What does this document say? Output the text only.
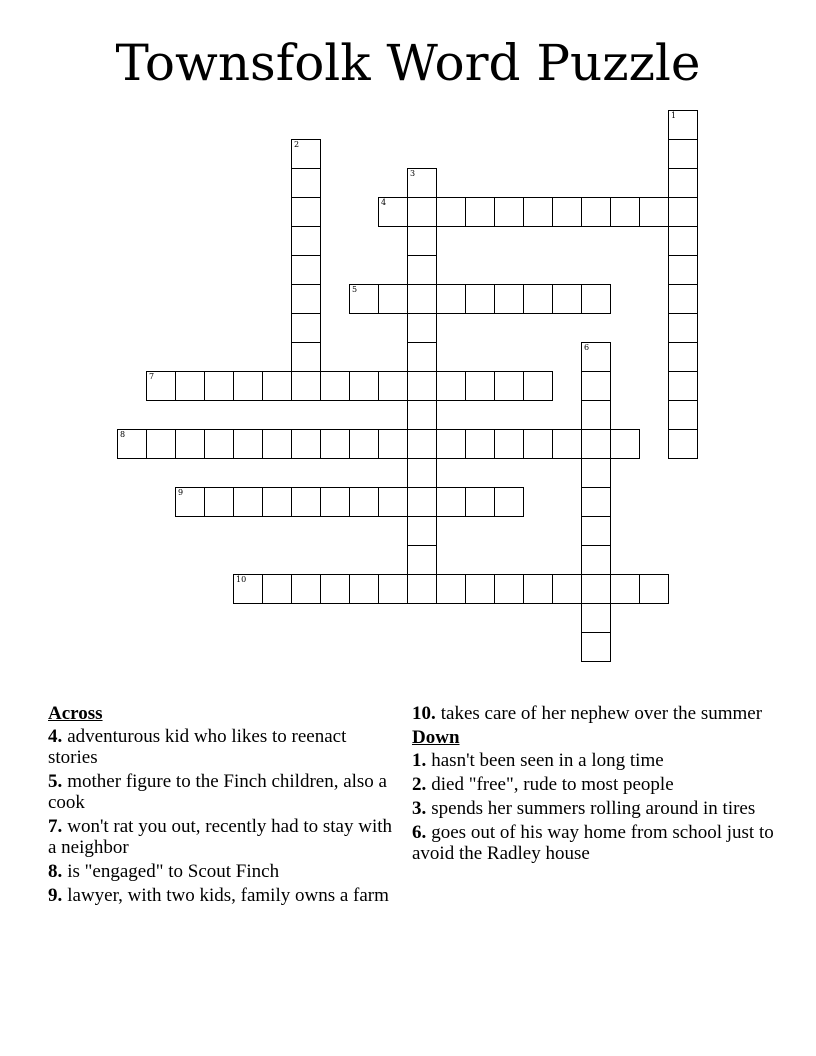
Townsfolk Word Puzzle
1
2
3
4
5
6
7
8
9
10
Across
4. adventurous kid who likes to reenact stories
5. mother figure to the Finch children, also a cook
7. won't rat you out, recently had to stay with a neighbor
8. is "engaged" to Scout Finch
9. lawyer, with two kids, family owns a farm
10. takes care of her nephew over the summer
Down
1. hasn't been seen in a long time
2. died "free", rude to most people
3. spends her summers rolling around in tires
6. goes out of his way home from school just to avoid the Radley house
